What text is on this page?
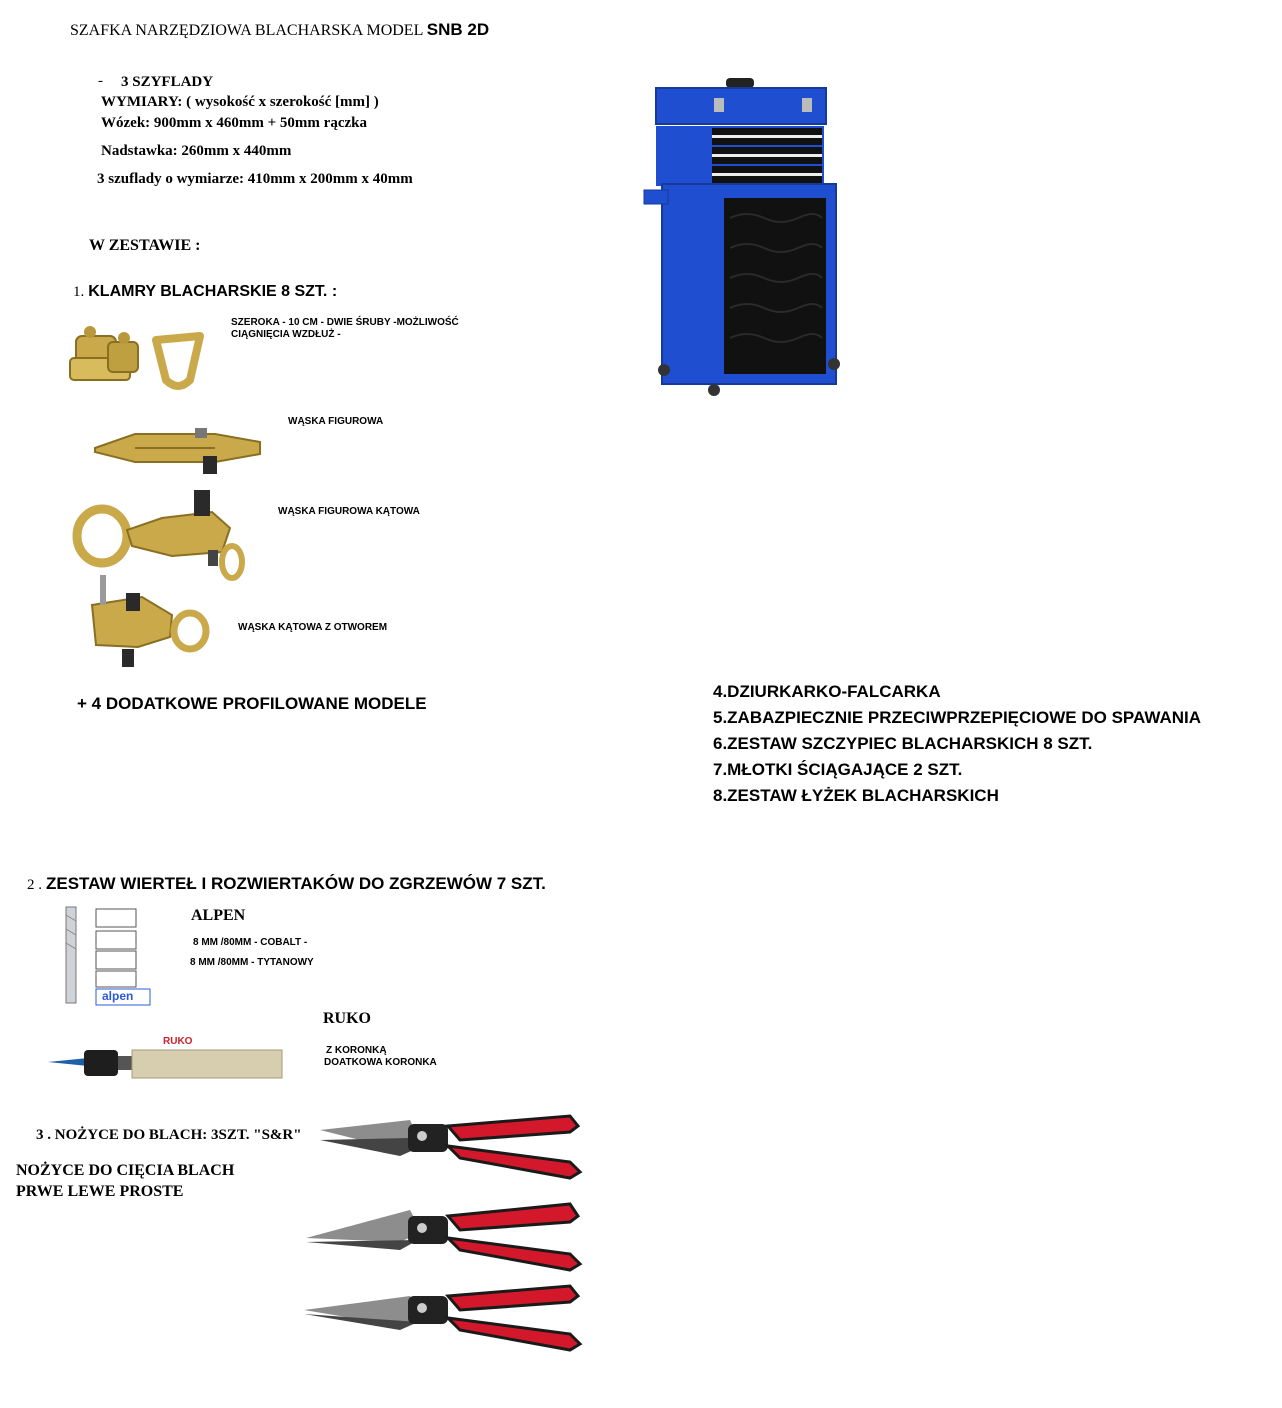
SZAFKA NARZĘDZIOWA BLACHARSKA MODEL SNB 2D
- 3 SZYFLADY
WYMIARY: ( wysokość x szerokość [mm] )
Wózek: 900mm x 460mm + 50mm rączka
Nadstawka: 260mm x 440mm
3 szuflady o wymiarze: 410mm x 200mm x 40mm
W ZESTAWIE :
1. KLAMRY BLACHARSKIE 8 SZT. :
SZEROKA - 10 CM - DWIE ŚRUBY -MOŻLIWOŚĆ
CIĄGNIĘCIA WZDŁUŻ -
WĄSKA FIGUROWA
WĄSKA FIGUROWA KĄTOWA
WĄSKA KĄTOWA Z OTWOREM
+ 4 DODATKOWE PROFILOWANE MODELE
4.DZIURKARKO-FALCARKA
5.ZABAZPIECZNIE PRZECIWPRZEPIĘCIOWE DO SPAWANIA
6.ZESTAW SZCZYPIEC BLACHARSKICH 8 SZT.
7.MŁOTKI ŚCIĄGAJĄCE 2 SZT.
8.ZESTAW ŁYŻEK BLACHARSKICH
2 . ZESTAW WIERTEŁ I ROZWIERTAKÓW DO ZGRZEWÓW 7 SZT.
alpen
ALPEN
8 MM /80MM - COBALT -
8 MM /80MM - TYTANOWY
RUKO
RUKO
Z KORONKĄ
DOATKOWA KORONKA
3 . NOŻYCE DO BLACH: 3SZT. "S&R"
NOŻYCE DO CIĘCIA BLACH
PRWE LEWE PROSTE
